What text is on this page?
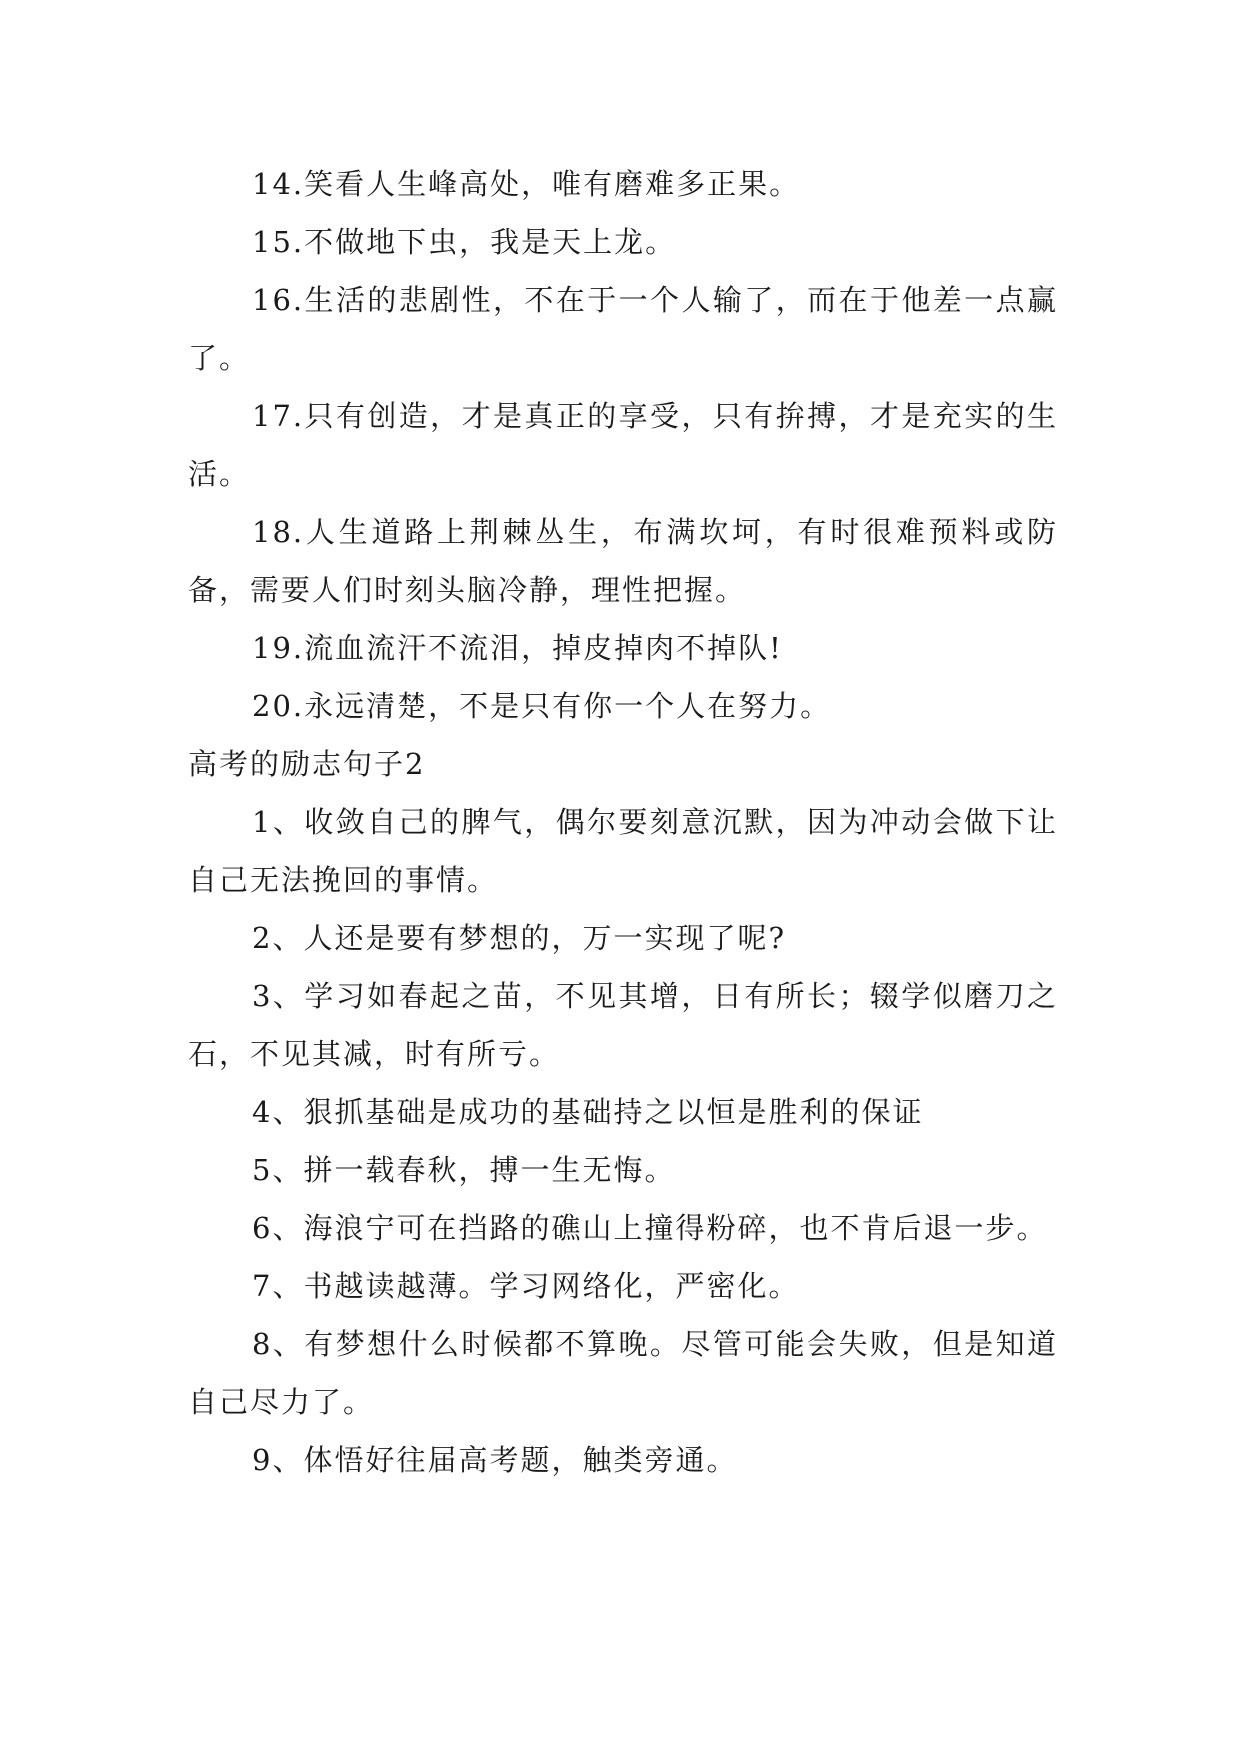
14.笑看人生峰高处，唯有磨难多正果。

15.不做地下虫，我是天上龙。

16.生活的悲剧性，不在于一个人输了，而在于他差一点赢了。

17.只有创造，才是真正的享受，只有拚搏，才是充实的生活。

18.人生道路上荆棘丛生，布满坎坷，有时很难预料或防备，需要人们时刻头脑冷静，理性把握。

19.流血流汗不流泪，掉皮掉肉不掉队!

20.永远清楚，不是只有你一个人在努力。

高考的励志句子2

1、收敛自己的脾气，偶尔要刻意沉默，因为冲动会做下让自己无法挽回的事情。

2、人还是要有梦想的，万一实现了呢?

3、学习如春起之苗，不见其增，日有所长；辍学似磨刀之石，不见其减，时有所亏。

4、狠抓基础是成功的基础持之以恒是胜利的保证

5、拼一载春秋，搏一生无悔。

6、海浪宁可在挡路的礁山上撞得粉碎，也不肯后退一步。

7、书越读越薄。学习网络化，严密化。

8、有梦想什么时候都不算晚。尽管可能会失败，但是知道自己尽力了。

9、体悟好往届高考题，触类旁通。
